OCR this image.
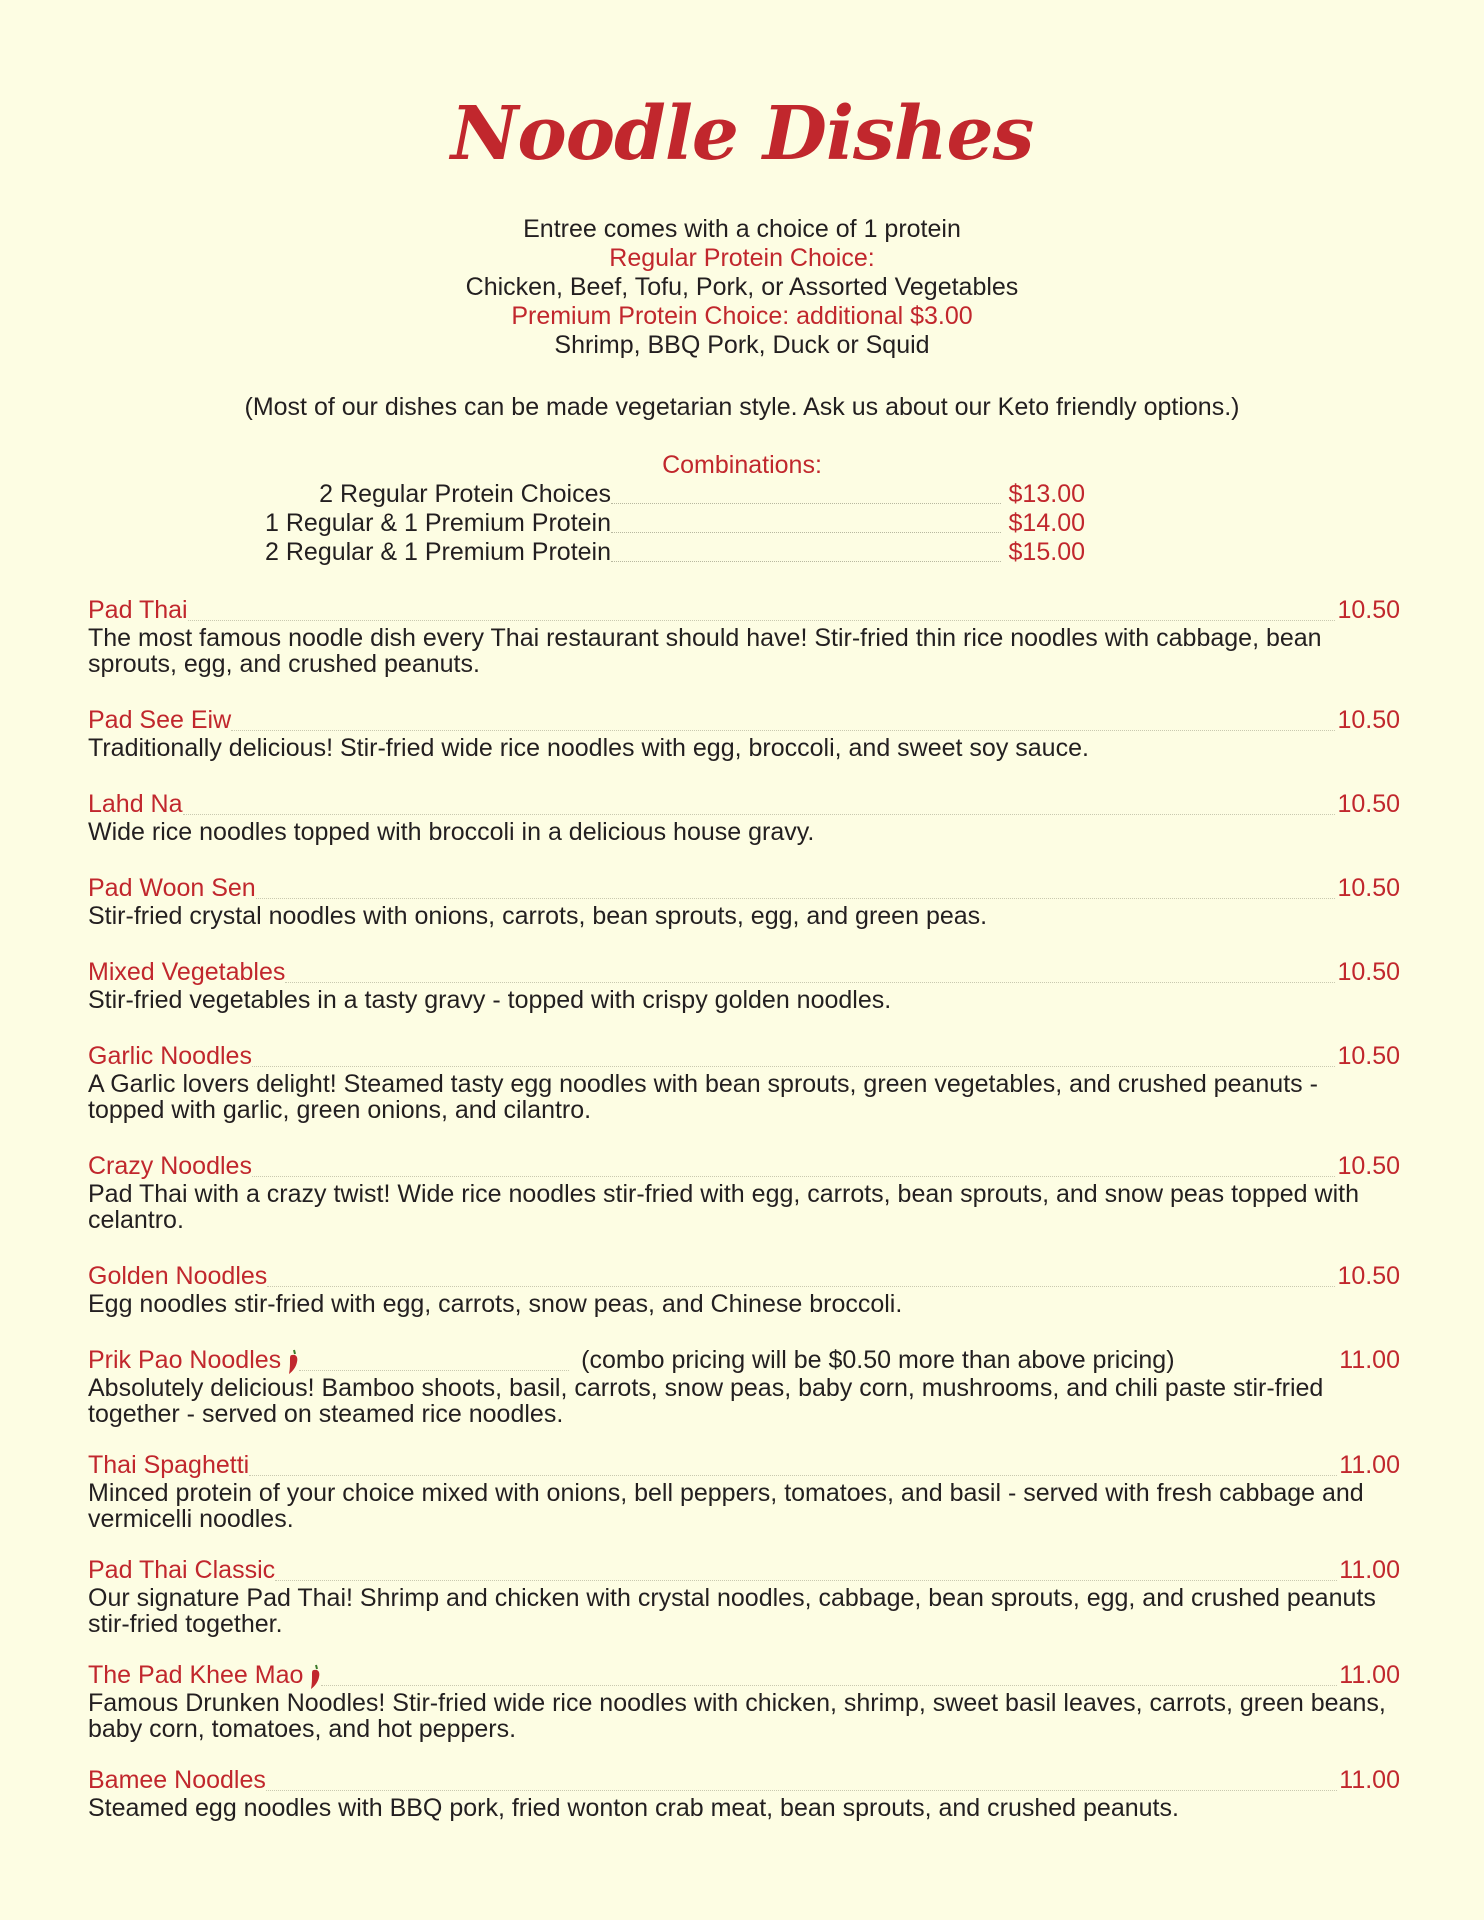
Noodle Dishes
Entree comes with a choice of 1 protein
Regular Protein Choice:
Chicken, Beef, Tofu, Pork, or Assorted Vegetables
Premium Protein Choice: additional $3.00
Shrimp, BBQ Pork, Duck or Squid
(Most of our dishes can be made vegetarian style. Ask us about our Keto friendly options.)
Combinations:
2 Regular Protein Choices	$13.00
1 Regular & 1 Premium Protein	$14.00
2 Regular & 1 Premium Protein	$15.00
Pad Thai	10.50
The most famous noodle dish every Thai restaurant should have! Stir-fried thin rice noodles with cabbage, bean sprouts, egg, and crushed peanuts.
Pad See Eiw	10.50
Traditionally delicious! Stir-fried wide rice noodles with egg, broccoli, and sweet soy sauce.
Lahd Na	10.50
Wide rice noodles topped with broccoli in a delicious house gravy.
Pad Woon Sen	10.50
Stir-fried crystal noodles with onions, carrots, bean sprouts, egg, and green peas.
Mixed Vegetables	10.50
Stir-fried vegetables in a tasty gravy - topped with crispy golden noodles.
Garlic Noodles	10.50
A Garlic lovers delight! Steamed tasty egg noodles with bean sprouts, green vegetables, and crushed peanuts - topped with garlic, green onions, and cilantro.
Crazy Noodles	10.50
Pad Thai with a crazy twist! Wide rice noodles stir-fried with egg, carrots, bean sprouts, and snow peas topped with celantro.
Golden Noodles	10.50
Egg noodles stir-fried with egg, carrots, snow peas, and Chinese broccoli.
Prik Pao Noodles	(combo pricing will be $0.50 more than above pricing)	11.00
Absolutely delicious! Bamboo shoots, basil, carrots, snow peas, baby corn, mushrooms, and chili paste stir-fried together - served on steamed rice noodles.
Thai Spaghetti	11.00
Minced protein of your choice mixed with onions, bell peppers, tomatoes, and basil - served with fresh cabbage and vermicelli noodles.
Pad Thai Classic	11.00
Our signature Pad Thai! Shrimp and chicken with crystal noodles, cabbage, bean sprouts, egg, and crushed peanuts stir-fried together.
The Pad Khee Mao	11.00
Famous Drunken Noodles! Stir-fried wide rice noodles with chicken, shrimp, sweet basil leaves, carrots, green beans, baby corn, tomatoes, and hot peppers.
Bamee Noodles	11.00
Steamed egg noodles with BBQ pork, fried wonton crab meat, bean sprouts, and crushed peanuts.
